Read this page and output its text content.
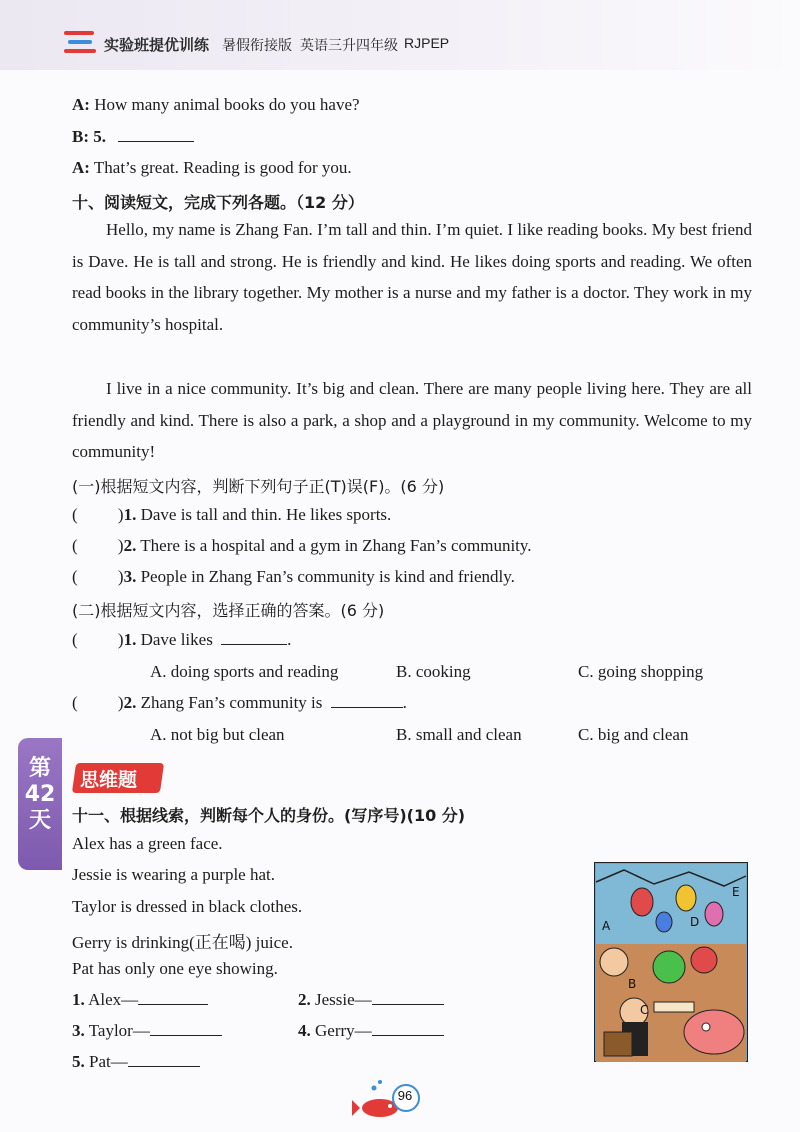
实验班提优训练 暑假衔接版 英语三升四年级 RJPEP
A: How many animal books do you have?
B: 5.
A: That’s great. Reading is good for you.
十、阅读短文，完成下列各题。（12 分）

Hello, my name is Zhang Fan. I’m tall and thin. I’m quiet. I like reading books. My best friend is Dave. He is tall and strong. He is friendly and kind. He likes doing sports and reading. We often read books in the library together. My mother is a nurse and my father is a doctor. They work in my community’s hospital.

I live in a nice community. It’s big and clean. There are many people living here. They are all friendly and kind. There is also a park, a shop and a playground in my community. Welcome to my community!

(一)根据短文内容，判断下列句子正(T)误(F)。(6 分)
( )1. Dave is tall and thin. He likes sports.
( )2. There is a hospital and a gym in Zhang Fan’s community.
( )3. People in Zhang Fan’s community is kind and friendly.
(二)根据短文内容，选择正确的答案。(6 分)
( )1. Dave likes	.
A. doing sports and reading	B. cooking	C. going shopping
( )2. Zhang Fan’s community is	.
A. not big but clean	B. small and clean	C. big and clean
第42天
思维题
十一、根据线索，判断每个人的身份。(写序号)(10 分)
Alex has a green face.
Jessie is wearing a purple hat.
Taylor is dressed in black clothes.
Gerry is drinking(正在喝) juice.
Pat has only one eye showing.
1. Alex—	2. Jessie—
3. Taylor—	4. Gerry—
5. Pat—
A
B
C
D
E
96
